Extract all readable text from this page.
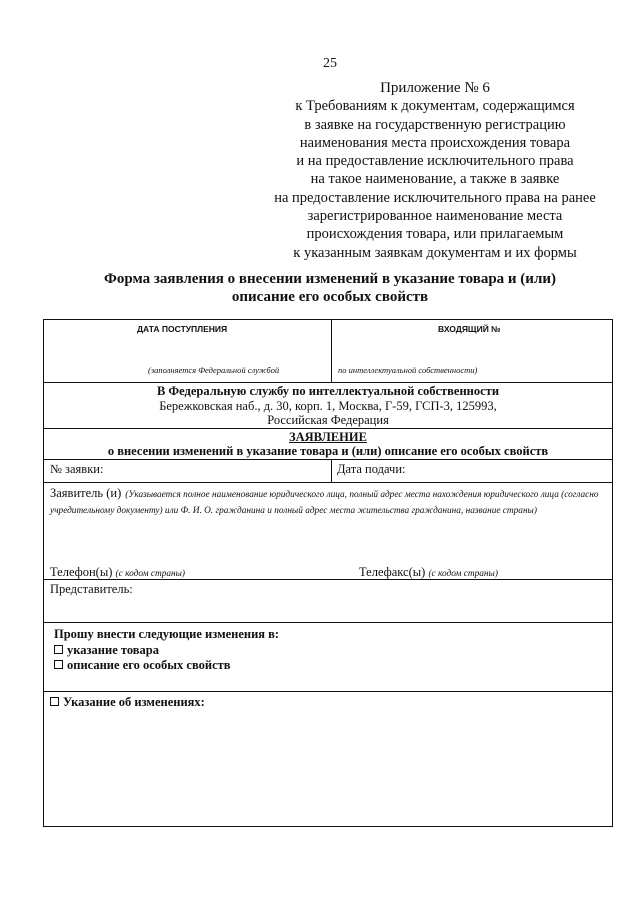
25
Приложение № 6
к Требованиям к документам, содержащимся
в заявке на государственную регистрацию
наименования места происхождения товара
и на предоставление исключительного права
на такое наименование, а также в заявке
на предоставление исключительного права на ранее
зарегистрированное наименование места
происхождения товара, или прилагаемым
к указанным заявкам документам и их формы
Форма заявления о внесении изменений в указание товара и (или)
описание его особых свойств
ДАТА ПОСТУПЛЕНИЯ	ВХОДЯЩИЙ №
(заполняется Федеральной службой	по интеллектуальной собственности)
В Федеральную службу по интеллектуальной собственности
Бережковская наб., д. 30, корп. 1, Москва, Г-59, ГСП-3, 125993,
Российская Федерация
ЗАЯВЛЕНИЕ
о внесении изменений в указание товара и (или) описание его особых свойств
№ заявки:	Дата подачи:
Заявитель (и) (Указывается полное наименование юридического лица, полный адрес места нахождения юридического лица (согласно учредительному документу) или Ф. И. О. гражданина и полный адрес места жительства гражданина, название страны)
Телефон(ы) (с кодом страны)	Телефакс(ы) (с кодом страны)
Представитель:
Прошу внести следующие изменения в:
указание товара
описание его особых свойств
Указание об изменениях:
